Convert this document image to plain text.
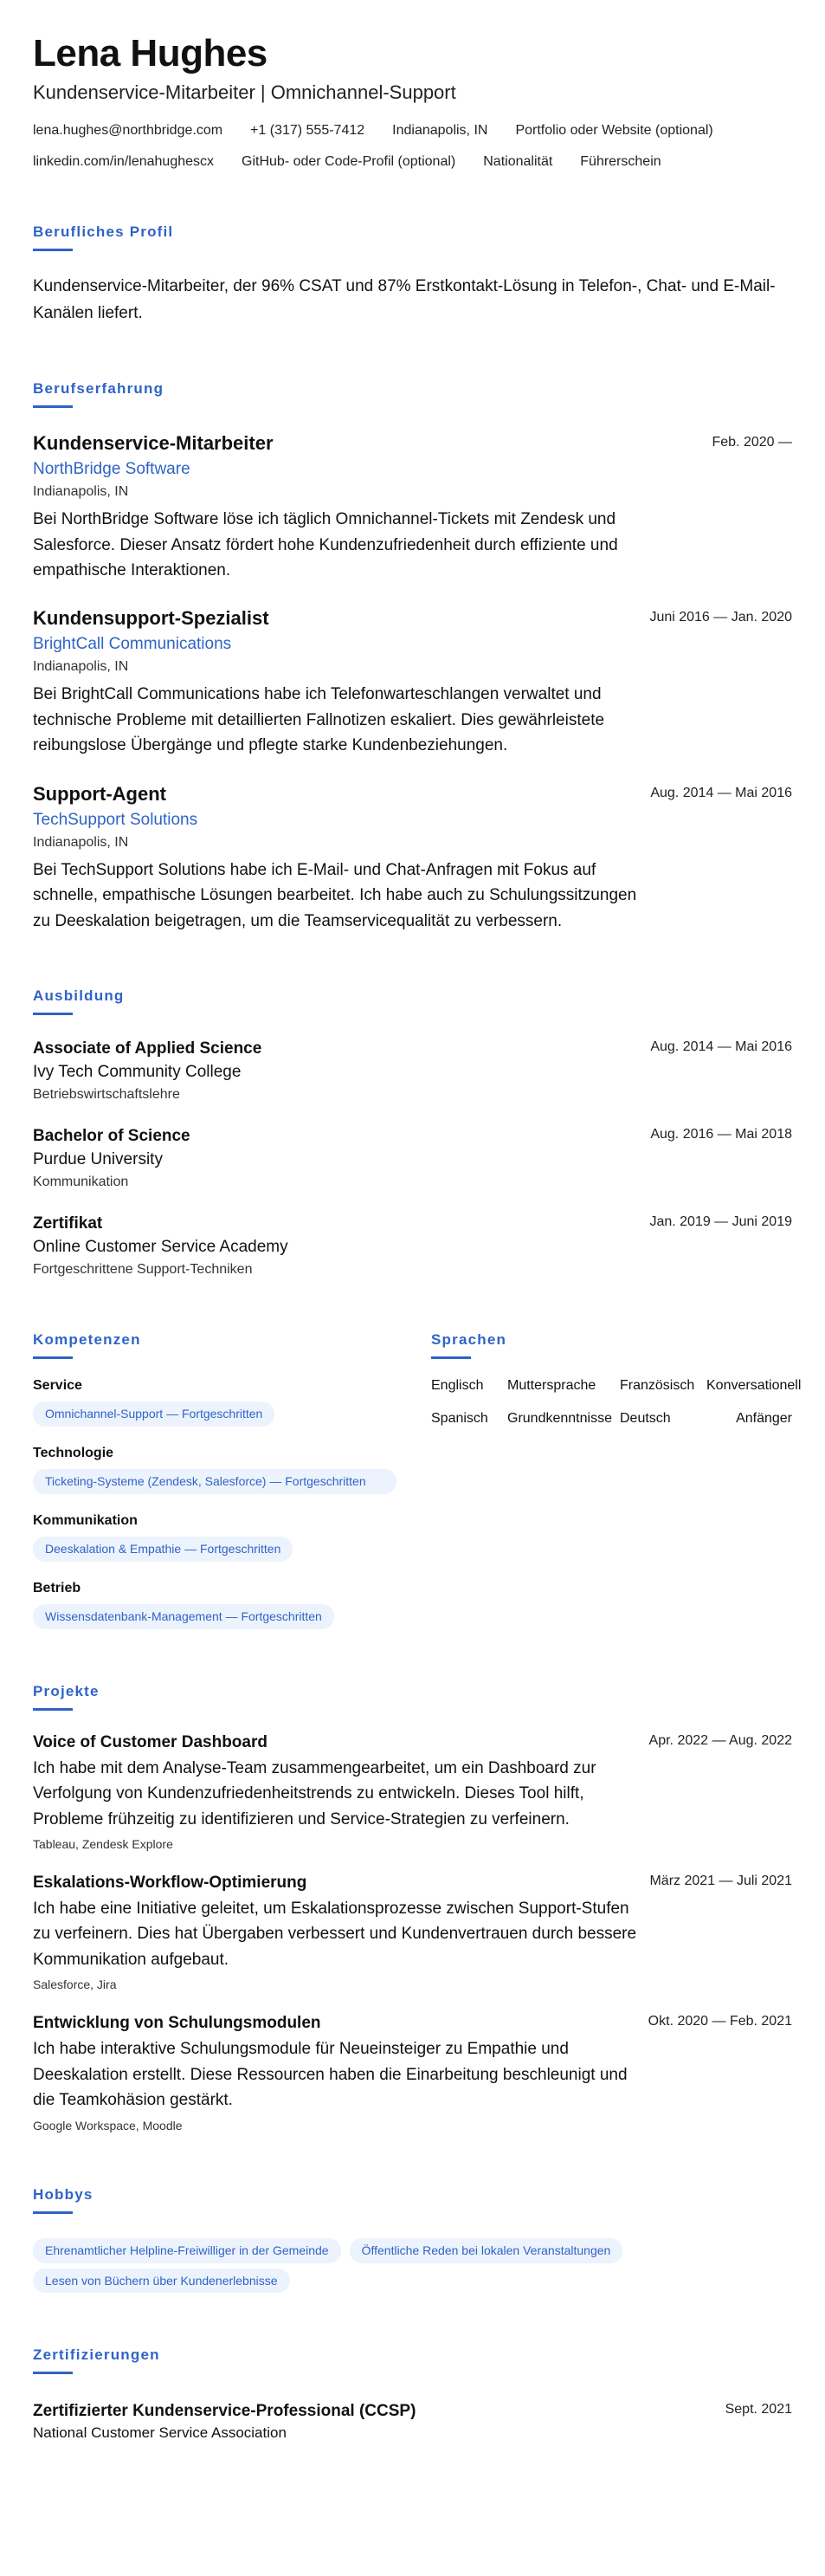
Lena Hughes
Kundenservice-Mitarbeiter | Omnichannel-Support
lena.hughes@northbridge.com +1 (317) 555-7412 Indianapolis, IN Portfolio oder Website (optional)
linkedin.com/in/lenahughescx GitHub- oder Code-Profil (optional) Nationalität Führerschein
Berufliches Profil

Kundenservice-Mitarbeiter, der 96% CSAT und 87% Erstkontakt-Lösung in Telefon-, Chat- und E-Mail-Kanälen liefert.

Berufserfahrung
Kundenservice-Mitarbeiter	Feb. 2020 —
NorthBridge Software
Indianapolis, IN

Bei NorthBridge Software löse ich täglich Omnichannel-Tickets mit Zendesk und Salesforce. Dieser Ansatz fördert hohe Kundenzufriedenheit durch effiziente und empathische Interaktionen.

Kundensupport-Spezialist	Juni 2016 — Jan. 2020
BrightCall Communications
Indianapolis, IN

Bei BrightCall Communications habe ich Telefonwarteschlangen verwaltet und technische Probleme mit detaillierten Fallnotizen eskaliert. Dies gewährleistete reibungslose Übergänge und pflegte starke Kundenbeziehungen.

Support-Agent	Aug. 2014 — Mai 2016
TechSupport Solutions
Indianapolis, IN

Bei TechSupport Solutions habe ich E-Mail- und Chat-Anfragen mit Fokus auf schnelle, empathische Lösungen bearbeitet. Ich habe auch zu Schulungssitzungen zu Deeskalation beigetragen, um die Teamservicequalität zu verbessern.

Ausbildung
Associate of Applied Science	Aug. 2014 — Mai 2016
Ivy Tech Community College
Betriebswirtschaftslehre
Bachelor of Science	Aug. 2016 — Mai 2018
Purdue University
Kommunikation
Zertifikat	Jan. 2019 — Juni 2019
Online Customer Service Academy
Fortgeschrittene Support-Techniken
Kompetenzen
Service
Omnichannel-Support — Fortgeschritten
Technologie
Ticketing-Systeme (Zendesk, Salesforce) — Fortgeschritten
Kommunikation
Deeskalation & Empathie — Fortgeschritten
Betrieb
Wissensdatenbank-Management — Fortgeschritten
Sprachen
Englisch	Muttersprache	Französisch Konversationell
Spanisch	Grundkenntnisse Deutsch	Anfänger
Projekte
Voice of Customer Dashboard	Apr. 2022 — Aug. 2022

Ich habe mit dem Analyse-Team zusammengearbeitet, um ein Dashboard zur Verfolgung von Kundenzufriedenheitstrends zu entwickeln. Dieses Tool hilft, Probleme frühzeitig zu identifizieren und Service-Strategien zu verfeinern.

Tableau, Zendesk Explore
Eskalations-Workflow-Optimierung	März 2021 — Juli 2021

Ich habe eine Initiative geleitet, um Eskalationsprozesse zwischen Support-Stufen zu verfeinern. Dies hat Übergaben verbessert und Kundenvertrauen durch bessere Kommunikation aufgebaut.

Salesforce, Jira
Entwicklung von Schulungsmodulen	Okt. 2020 — Feb. 2021

Ich habe interaktive Schulungsmodule für Neueinsteiger zu Empathie und Deeskalation erstellt. Diese Ressourcen haben die Einarbeitung beschleunigt und die Teamkohäsion gestärkt.

Google Workspace, Moodle
Hobbys
Ehrenamtlicher Helpline-Freiwilliger in der Gemeinde	Öffentliche Reden bei lokalen VeranstaltungenLesen von Büchern über Kundenerlebnisse
Zertifizierungen
Zertifizierter Kundenservice-Professional (CCSP)	Sept. 2021
National Customer Service Association
